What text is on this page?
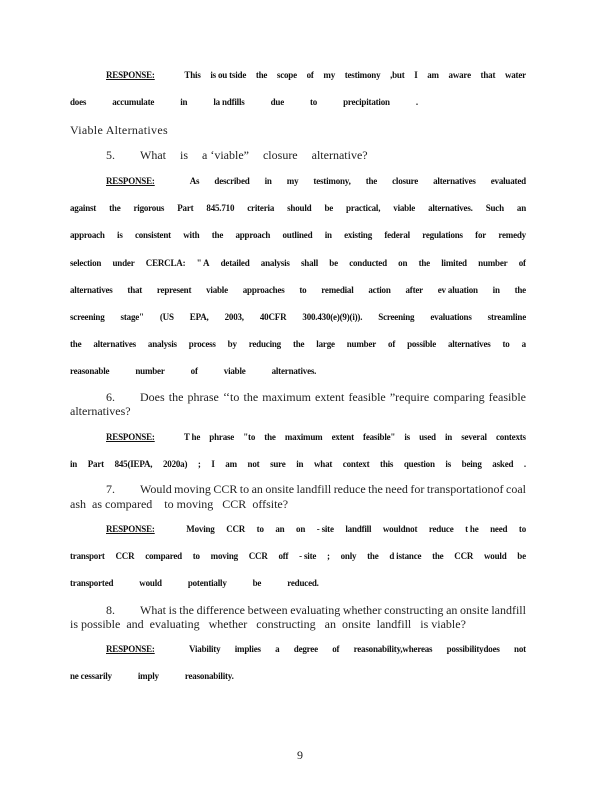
RESPONSE:	This is ou tside the scope of my testimony ,but I am aware that water
does	accumulate	in	la ndfills	due	to	precipitation	.
Viable Alternatives
5.	What is a ‘viable” closure alternative?
RESPONSE:	As described in my testimony, the closure alternatives evaluated
against the rigorous Part 845.710 criteria should be practical, viable alternatives. Such an
approach is consistent with the approach outlined in existing federal regulations for remedy
selection under CERCLA: " A detailed analysis shall be conducted on the limited number of
alternatives that represent viable approaches to remedial action after ev aluation in the
screening stage" (US EPA, 2003, 40CFR 300.430(e)(9)(i)). Screening evaluations streamline
the alternatives analysis process by reducing the large number of possible alternatives to a
reasonable	number	of	viable	alternatives.
6.	Does the phrase ‘‘to the maximum extent feasible ”require comparing feasible
alternatives?
RESPONSE:	T he phrase "to the maximum extent feasible" is used in several contexts
in Part 845(IEPA, 2020a) ; I am not sure in what context this question is being asked .
7.	Would moving CCR to an onsite landfill reduce the need for transportationof coal
ash  as compared    to moving   CCR  offsite?
RESPONSE:	Moving CCR to an on - site landfill wouldnot reduce t he need to
transport CCR compared to moving CCR off - site ; only the d istance the CCR would be
transported	would	potentially	be	reduced.
8.	What is the difference between evaluating whether constructing an onsite landfill
is possible  and  evaluating   whether   constructing   an  onsite  landfill   is viable?
RESPONSE:	Viability implies a degree of reasonability,whereas possibilitydoes not
ne cessarily	imply	reasonability.
9
